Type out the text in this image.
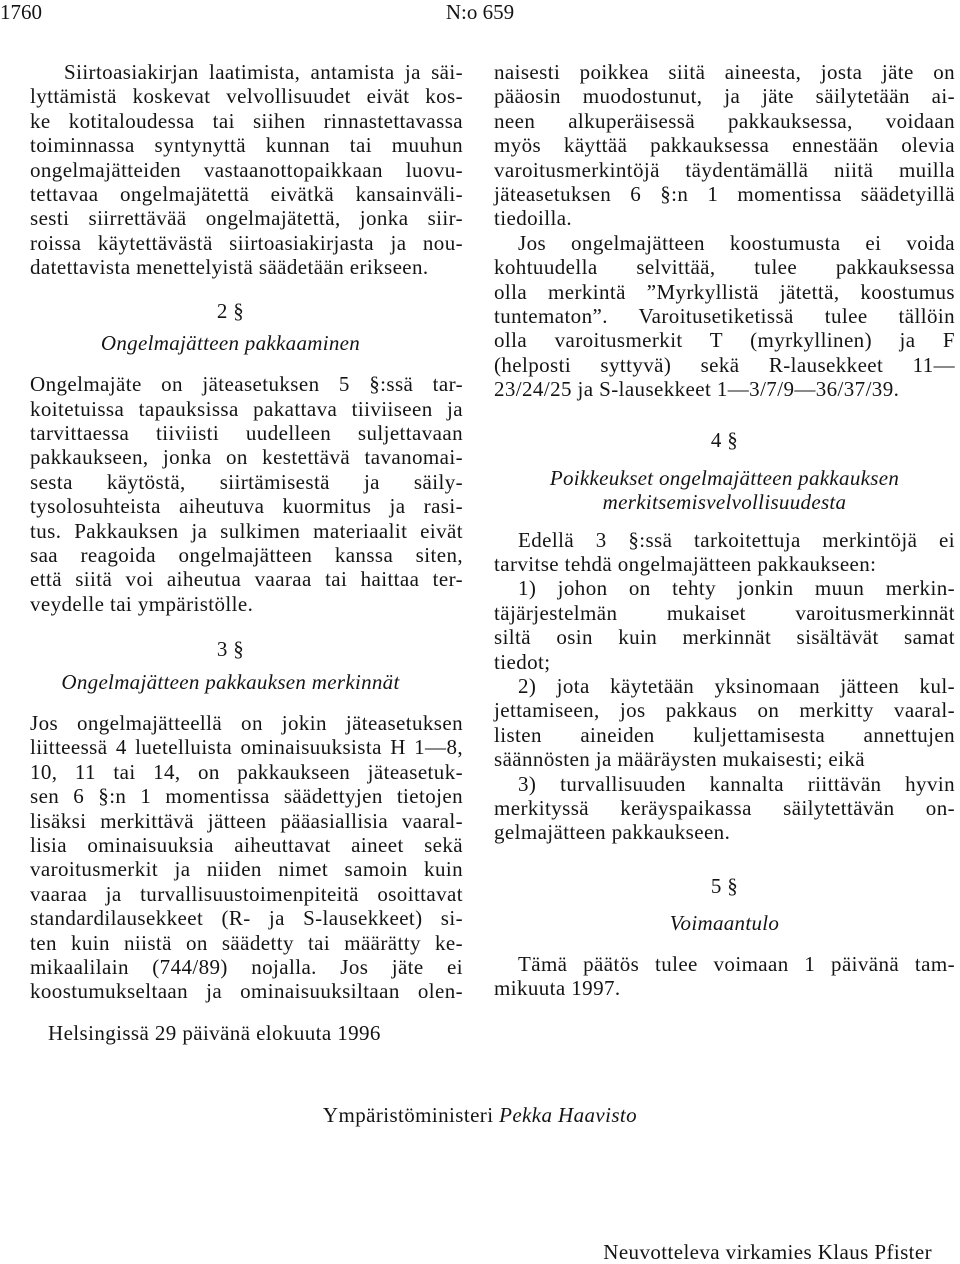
1760	N:o 659
Siirtoasiakirjan laatimista, antamista ja säi-
lyttämistä koskevat velvollisuudet eivät kos-
ke kotitaloudessa tai siihen rinnastettavassa
toiminnassa syntynyttä kunnan tai muuhun
ongelmajätteiden vastaanottopaikkaan luovu-
tettavaa ongelmajätettä eivätkä kansainväli-
sesti siirrettävää ongelmajätettä, jonka siir-
roissa käytettävästä siirtoasiakirjasta ja nou-
datettavista menettelyistä säädetään erikseen.
2 §
Ongelmajätteen pakkaaminen
Ongelmajäte on jäteasetuksen 5 §:ssä tar-
koitetuissa tapauksissa pakattava tiiviiseen ja
tarvittaessa tiiviisti uudelleen suljettavaan
pakkaukseen, jonka on kestettävä tavanomai-
sesta käytöstä, siirtämisestä ja säily-
tysolosuhteista aiheutuva kuormitus ja rasi-
tus. Pakkauksen ja sulkimen materiaalit eivät
saa reagoida ongelmajätteen kanssa siten,
että siitä voi aiheutua vaaraa tai haittaa ter-
veydelle tai ympäristölle.
3 §
Ongelmajätteen pakkauksen merkinnät
Jos ongelmajätteellä on jokin jäteasetuksen
liitteessä 4 luetelluista ominaisuuksista H 1—8,
10, 11 tai 14, on pakkaukseen jäteasetuk-
sen 6 §:n 1 momentissa säädettyjen tietojen
lisäksi merkittävä jätteen pääasiallisia vaaral-
lisia ominaisuuksia aiheuttavat aineet sekä
varoitusmerkit ja niiden nimet samoin kuin
vaaraa ja turvallisuustoimenpiteitä osoittavat
standardilausekkeet (R- ja S-lausekkeet) si-
ten kuin niistä on säädetty tai määrätty ke-
mikaalilain (744/89) nojalla. Jos jäte ei
koostumukseltaan ja ominaisuuksiltaan olen-
naisesti poikkea siitä aineesta, josta jäte on
pääosin muodostunut, ja jäte säilytetään ai-
neen alkuperäisessä pakkauksessa, voidaan
myös käyttää pakkauksessa ennestään olevia
varoitusmerkintöjä täydentämällä niitä muilla
jäteasetuksen 6 §:n 1 momentissa säädetyillä
tiedoilla.
Jos ongelmajätteen koostumusta ei voida
kohtuudella selvittää, tulee pakkauksessa
olla merkintä ”Myrkyllistä jätettä, koostumus
tuntematon”. Varoitusetiketissä tulee tällöin
olla varoitusmerkit T (myrkyllinen) ja F
(helposti syttyvä) sekä R-lausekkeet 11—
23/24/25 ja S-lausekkeet 1—3/7/9—36/37/39.
4 §
Poikkeukset ongelmajätteen pakkauksen
merkitsemisvelvollisuudesta
Edellä 3 §:ssä tarkoitettuja merkintöjä ei
tarvitse tehdä ongelmajätteen pakkaukseen:
1) johon on tehty jonkin muun merkin-
täjärjestelmän mukaiset varoitusmerkinnät
siltä osin kuin merkinnät sisältävät samat
tiedot;
2) jota käytetään yksinomaan jätteen kul-
jettamiseen, jos pakkaus on merkitty vaaral-
listen aineiden kuljettamisesta annettujen
säännösten ja määräysten mukaisesti; eikä
3) turvallisuuden kannalta riittävän hyvin
merkityssä keräyspaikassa säilytettävän on-
gelmajätteen pakkaukseen.
5 §
Voimaantulo
Tämä päätös tulee voimaan 1 päivänä tam-
mikuuta 1997.
Helsingissä 29 päivänä elokuuta 1996
Ympäristöministeri Pekka Haavisto
Neuvotteleva virkamies Klaus Pfister
